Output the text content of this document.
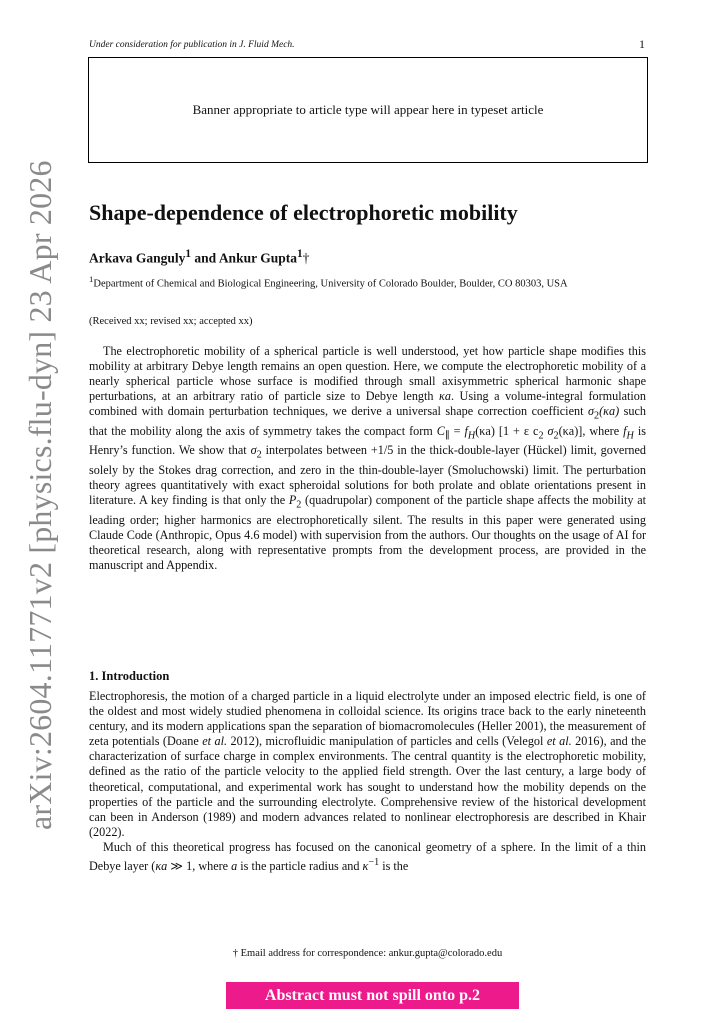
arXiv:2604.11771v2 [physics.flu-dyn] 23 Apr 2026
Under consideration for publication in J. Fluid Mech.	1
Banner appropriate to article type will appear here in typeset article
Shape-dependence of electrophoretic mobility
Arkava Ganguly$^1$ and Ankur Gupta$^1$†
$^1$Department of Chemical and Biological Engineering, University of Colorado Boulder, Boulder, CO 80303, USA
(Received xx; revised xx; accepted xx)

The electrophoretic mobility of a spherical particle is well understood, yet how particle shape modifies this mobility at arbitrary Debye length remains an open question. Here, we compute the electrophoretic mobility of a nearly spherical particle whose surface is modified through small axisymmetric spherical harmonic shape perturbations, at an arbitrary ratio of particle size to Debye length κa. Using a volume-integral formulation combined with domain perturbation techniques, we derive a universal shape correction coefficient $\sigma_2(\kappa a)$ such that the mobility along the axis of symmetry takes the compact form $C_\parallel = f_H(\kappa a) [1 + \varepsilon$ $c_2$ $\sigma_2(\kappa a)$], where $f_H$ is Henry’s function. We show that $\sigma_2$ interpolates between +1/5 in the thick-double-layer (Hückel) limit, governed solely by the Stokes drag correction, and zero in the thin-double-layer (Smoluchowski) limit. The perturbation theory agrees quantitatively with exact spheroidal solutions for both prolate and oblate orientations present in literature. A key finding is that only the $P_2$ (quadrupolar) component of the particle shape affects the mobility at leading order; higher harmonics are electrophoretically silent. The results in this paper were generated using Claude Code (Anthropic, Opus 4.6 model) with supervision from the authors. Our thoughts on the usage of AI for theoretical research, along with representative prompts from the development process, are provided in the manuscript and Appendix.

1. Introduction

Electrophoresis, the motion of a charged particle in a liquid electrolyte under an imposed electric field, is one of the oldest and most widely studied phenomena in colloidal science. Its origins trace back to the early nineteenth century, and its modern applications span the separation of biomacromolecules (Heller 2001), the measurement of zeta potentials (Doane et al. 2012), microfluidic manipulation of particles and cells (Velegol et al. 2016), and the characterization of surface charge in complex environments. The central quantity is the electrophoretic mobility, defined as the ratio of the particle velocity to the applied field strength. Over the last century, a large body of theoretical, computational, and experimental work has sought to understand how the mobility depends on the properties of the particle and the surrounding electrolyte. Comprehensive review of the historical development can been in Anderson (1989) and modern advances related to nonlinear electrophoresis are described in Khair (2022).

Much of this theoretical progress has focused on the canonical geometry of a sphere. In the limit of a thin Debye layer (κa ≫ 1, where a is the particle radius and $\kappa^{-1}$ is the

† Email address for correspondence: ankur.gupta@colorado.edu
Abstract must not spill onto p.2
